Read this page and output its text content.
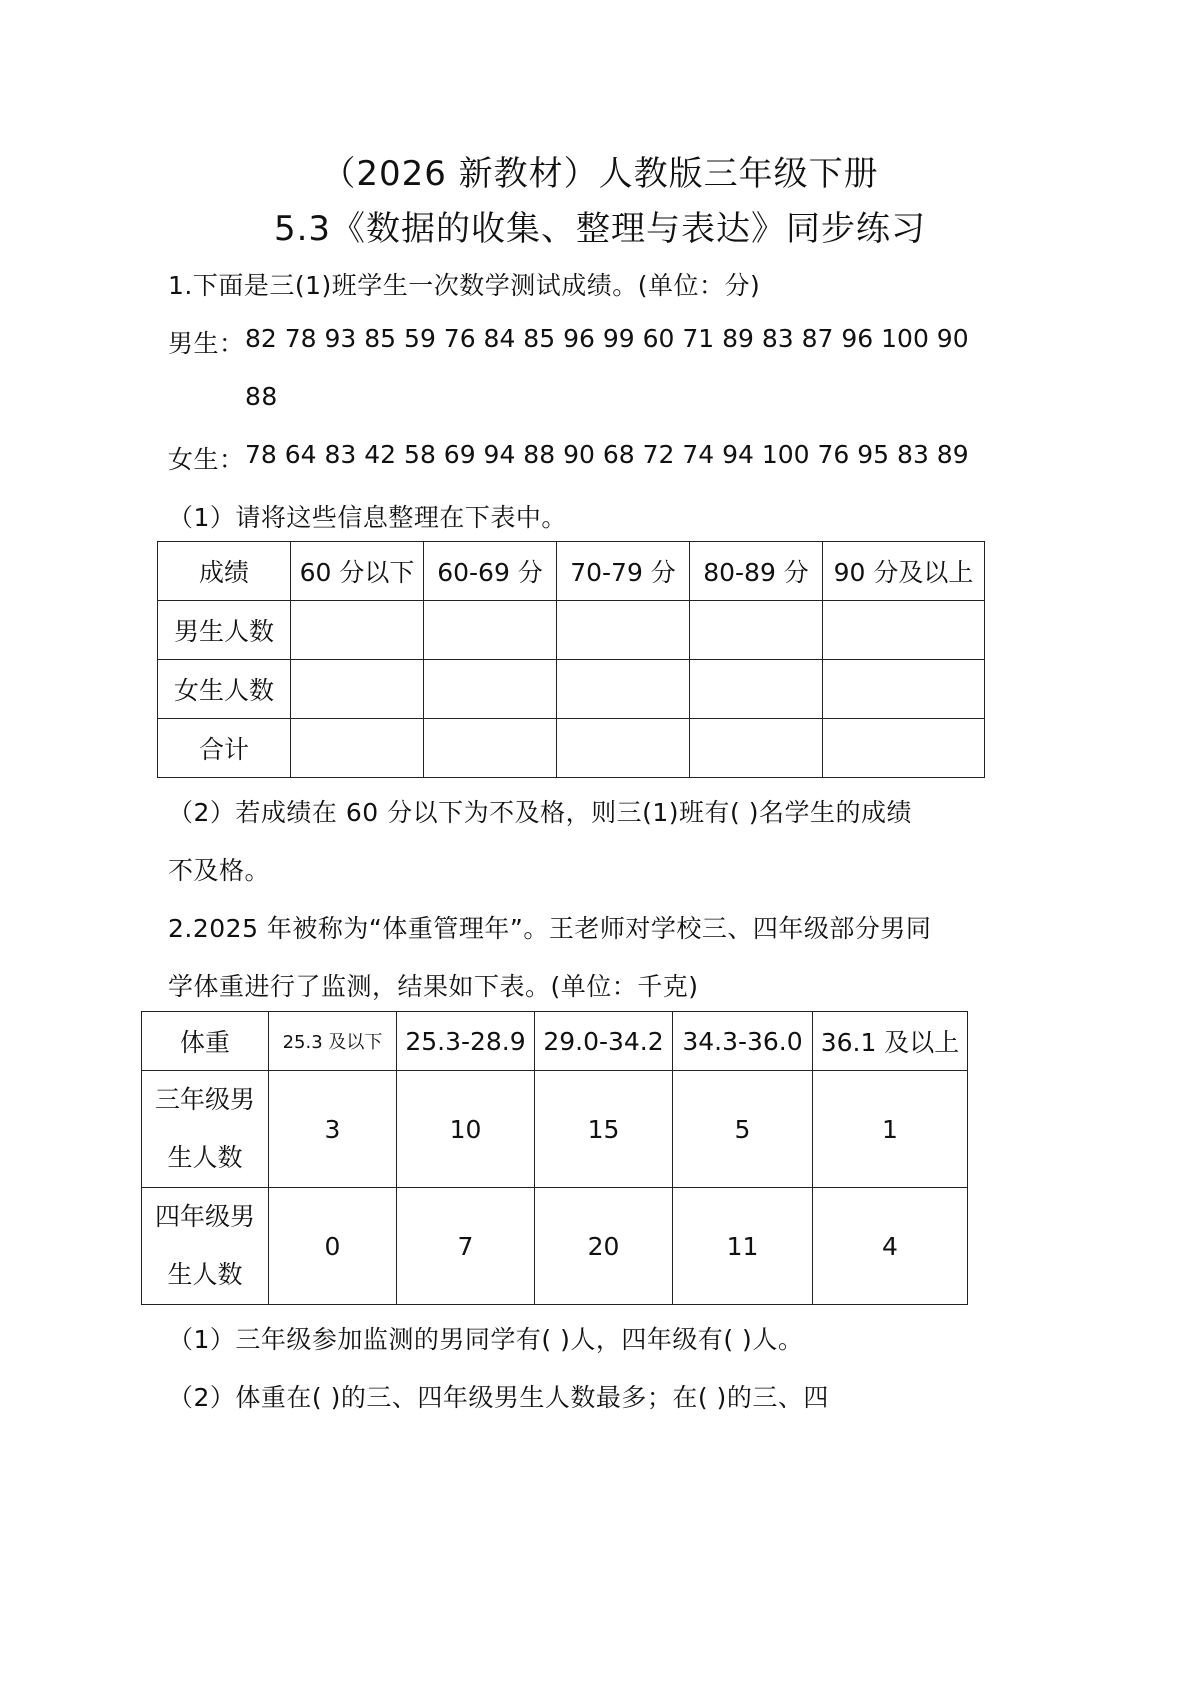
（2026 新教材）人教版三年级下册
5.3《数据的收集、整理与表达》同步练习
1.下面是三(1)班学生一次数学测试成绩。(单位：分)
男生： 82 78 93 85 59 76 84 85 96 99 60 71 89 83 87 96 100 90
88
女生： 78 64 83 42 58 69 94 88 90 68 72 74 94 100 76 95 83 89
（1）请将这些信息整理在下表中。
成绩	60 分以下	60-69 分	70-79 分	80-89 分	90 分及以上
男生人数					
女生人数					
合计					
（2）若成绩在 60 分以下为不及格，则三(1)班有( )名学生的成绩
不及格。
2.2025 年被称为“体重管理年”。王老师对学校三、四年级部分男同
学体重进行了监测，结果如下表。(单位：千克)
体重	25.3 及以下	25.3-28.9	29.0-34.2	34.3-36.0	36.1 及以上

三年级男
生人数	3	10	15	5	1

四年级男
生人数	0	7	20	11	4
（1）三年级参加监测的男同学有( )人，四年级有( )人。
（2）体重在( )的三、四年级男生人数最多；在( )的三、四
